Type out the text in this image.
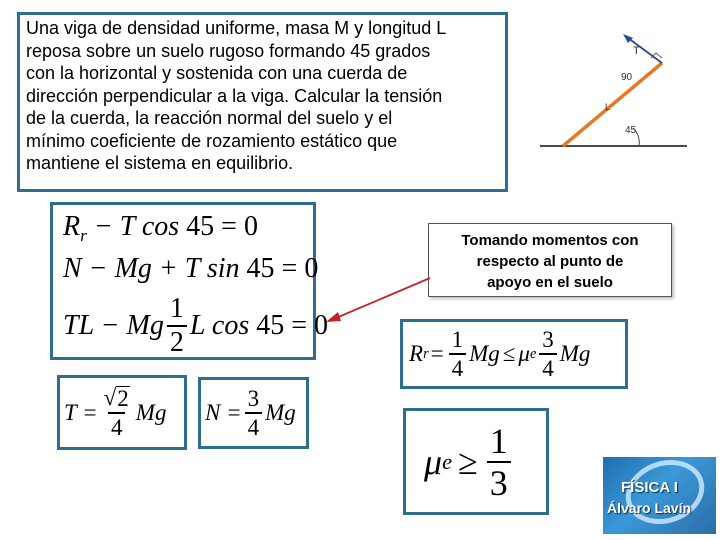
Una viga de densidad uniforme, masa M y longitud L
reposa sobre un suelo rugoso formando 45 grados
con la horizontal y sostenida con una cuerda de
dirección perpendicular a la viga. Calcular la tensión
de la cuerda, la reacción normal del suelo y el
mínimo coeficiente de rozamiento estático que
mantiene el sistema en equilibrio.
T
90
L
45
$R_r - T$ cos 45 = 0
N − Mg + T sin 45 = 0
TL − Mg $\frac{1}{2}$ L cos
45
= 0
Tomando momentos con
respecto al punto de
apoyo en el suelo
R $r = \frac{1}{4}$ Mg ≤ μ e $\frac{3}{4}$ Mg
$T = \frac{√ 2}{4}$ Mg $N = \frac{3}{4}$ Mg
μ $e \ge \frac{1}{3}$	FÍSICA I
Álvaro Lavín
